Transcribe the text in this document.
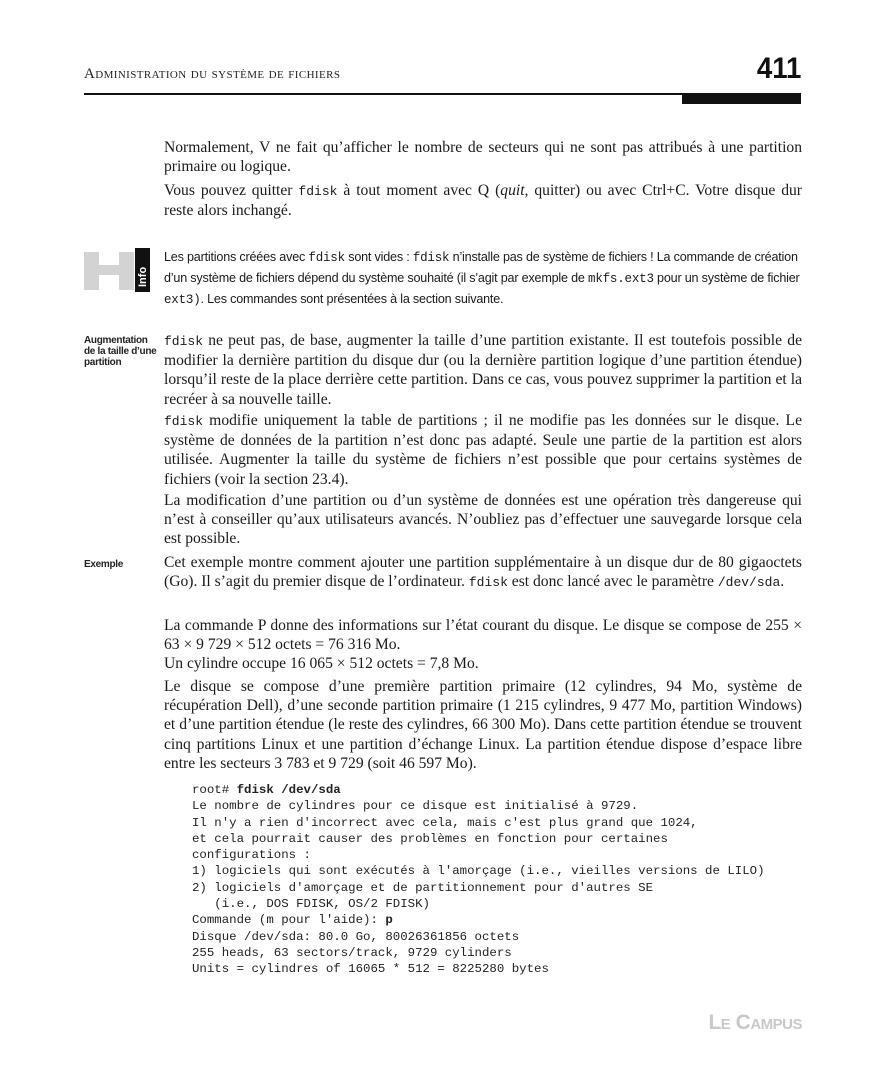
Administration du système de fichiers	411

Normalement, V ne fait qu’afficher le nombre de secteurs qui ne sont pas attribués à une partition primaire ou logique.

Vous pouvez quitter fdisk à tout moment avec Q (quit, quitter) ou avec Ctrl+C. Votre disque dur reste alors inchangé.

Info

Les partitions créées avec fdisk sont vides : fdisk n’installe pas de système de fichiers ! La commande de création d’un système de fichiers dépend du système souhaité (il s’agit par exemple de mkfs.ext3 pour un système de fichier ext3). Les commandes sont présentées à la section suivante.

Augmentation de la taille d’une partition

fdisk ne peut pas, de base, augmenter la taille d’une partition existante. Il est toutefois possible de modifier la dernière partition du disque dur (ou la dernière partition logique d’une partition étendue) lorsqu’il reste de la place derrière cette partition. Dans ce cas, vous pouvez supprimer la partition et la recréer à sa nouvelle taille.

fdisk modifie uniquement la table de partitions ; il ne modifie pas les données sur le disque. Le système de données de la partition n’est donc pas adapté. Seule une partie de la partition est alors utilisée. Augmenter la taille du système de fichiers n’est possible que pour certains systèmes de fichiers (voir la section 23.4).

La modification d’une partition ou d’un système de données est une opération très dangereuse qui n’est à conseiller qu’aux utilisateurs avancés. N’oubliez pas d’effectuer une sauvegarde lorsque cela est possible.

Exemple	Cet exemple montre comment ajouter une partition supplémentaire à un disque dur de 80 gigaoctets (Go). Il s’agit du premier disque de l’ordinateur. fdisk est donc lancé avec le paramètre /dev/sda.

La commande P donne des informations sur l’état courant du disque. Le disque se compose de 255 × 63 × 9 729 × 512 octets = 76 316 Mo.
Un cylindre occupe 16 065 × 512 octets = 7,8 Mo.

Le disque se compose d’une première partition primaire (12 cylindres, 94 Mo, système de récupération Dell), d’une seconde partition primaire (1 215 cylindres, 9 477 Mo, partition Windows) et d’une partition étendue (le reste des cylindres, 66 300 Mo). Dans cette partition étendue se trouvent cinq partitions Linux et une partition d’échange Linux. La partition étendue dispose d’espace libre entre les secteurs 3 783 et 9 729 (soit 46 597 Mo).

root# fdisk /dev/sda
Le nombre de cylindres pour ce disque est initialisé à 9729.
Il n'y a rien d'incorrect avec cela, mais c'est plus grand que 1024,
et cela pourrait causer des problèmes en fonction pour certaines
configurations :
1) logiciels qui sont exécutés à l'amorçage (i.e., vieilles versions de LILO)
2) logiciels d'amorçage et de partitionnement pour d'autres SE
(i.e., DOS FDISK, OS/2 FDISK)
Commande (m pour l'aide): p
Disque /dev/sda: 80.0 Go, 80026361856 octets
255 heads, 63 sectors/track, 9729 cylinders
Units = cylindres of 16065 * 512 = 8225280 bytes
Le Campus
